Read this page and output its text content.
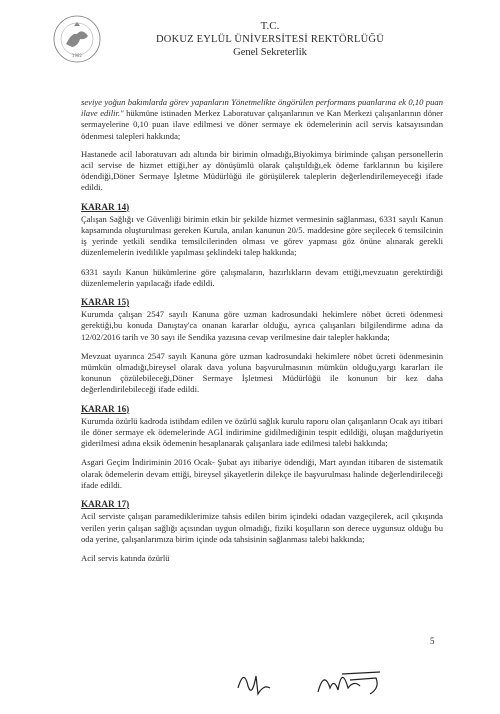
1982
T.C.
DOKUZ EYLÜL ÜNİVERSİTESİ REKTÖRLÜĞÜ
Genel Sekreterlik

seviye yoğun bakımlarda görev yapanların Yönetmelikte öngörülen performans puanlarına ek 0,10 puan ilave edilir." hükmüne istinaden Merkez Laboratuvar çalışanlarının ve Kan Merkezi çalışanlarının döner sermayelerine 0,10 puan ilave edilmesi ve döner sermaye ek ödemelerinin acil servis katsayısından ödenmesi talepleri hakkında;

Hastanede acil laboratuvarı adı altında bir birimin olmadığı,Biyokimya biriminde çalışan personellerin acil servise de hizmet ettiği,her ay dönüşümlü olarak çalıştıldığı,ek ödeme farklarının bu kişilere ödendiği,Döner Sermaye İşletme Müdürlüğü ile görüşülerek taleplerin değerlendirilemeyeceği ifade edildi.

KARAR 14)

Çalışan Sağlığı ve Güvenliği birimin etkin bir şekilde hizmet vermesinin sağlanması, 6331 sayılı Kanun kapsamında oluşturulması gereken Kurula, anılan kanunun 20/5. maddesine göre seçilecek 6 temsilcinin iş yerinde yetkili sendika temsilcilerinden olması ve görev yapması göz önüne alınarak gerekli düzenlemelerin ivedilikle yapılması şeklindeki talep hakkında;

6331 sayılı Kanun hükümlerine göre çalışmaların, hazırlıkların devam ettiği,mevzuatın gerektirdiği düzenlemelerin yapılacağı ifade edildi.

KARAR 15)

Kurumda çalışan 2547 sayılı Kanuna göre uzman kadrosundaki hekimlere nöbet ücreti ödenmesi gerektiği,bu konuda Danıştay'ca onanan kararlar olduğu, ayrıca çalışanları bilgilendirme adına da 12/02/2016 tarih ve 30 sayı ile Sendika yazısına cevap verilmesine dair talepler hakkında;

Mevzuat uyarınca 2547 sayılı Kanuna göre uzman kadrosundaki hekimlere nöbet ücreti ödenmesinin mümkün olmadığı,bireysel olarak dava yoluna başvurulmasının mümkün olduğu,yargı kararları ile konunun çözülebileceği,Döner Sermaye İşletmesi Müdürlüğü ile konunun bir kez daha değerlendirilebileceği ifade edildi.

KARAR 16)

Kurumda özürlü kadroda istihdam edilen ve özürlü sağlık kurulu raporu olan çalışanların Ocak ayı itibari ile döner sermaye ek ödemelerinde AGİ indirimine gidilmediğinin tespit edildiği, oluşan mağduriyetin giderilmesi adına eksik ödemenin hesaplanarak çalışanlara iade edilmesi talebi hakkında;

Asgari Geçim İndiriminin 2016 Ocak- Şubat ayı itibariye ödendiği, Mart ayından itibaren de sistematik olarak ödemelerin devam ettiği, bireysel şikayetlerin dilekçe ile başvurulması halinde değerlendirileceği ifade edildi.

KARAR 17)

Acil serviste çalışan paramediklerimize tahsis edilen birim içindeki odadan vazgeçilerek, acil çıkışında verilen yerin çalışan sağlığı açısından uygun olmadığı, fiziki koşulların son derece uygunsuz olduğu bu oda yerine, çalışanlarımıza birim içinde oda tahsisinin sağlanması talebi hakkında;

Acil servis katında özürlü

5
